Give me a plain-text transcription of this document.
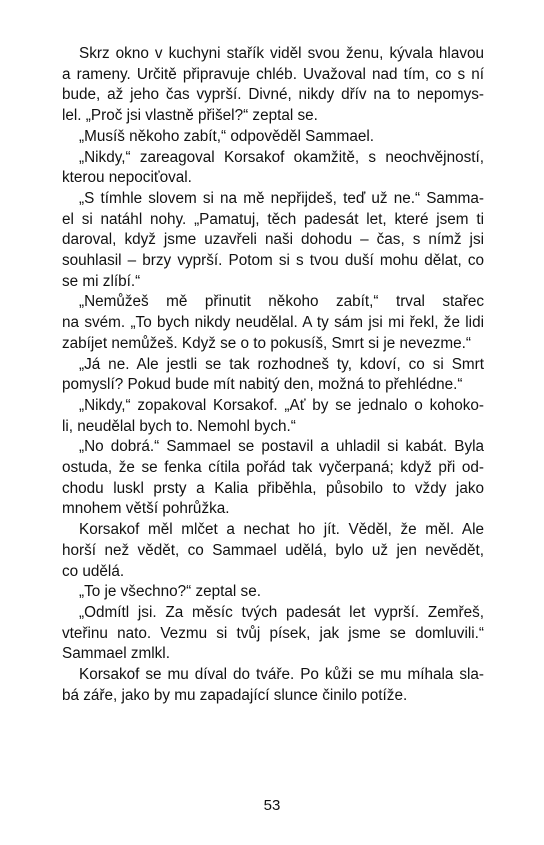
Skrz okno v kuchyni stařík viděl svou ženu, kývala hlavou
a rameny. Určitě připravuje chléb. Uvažoval nad tím, co s ní
bude, až jeho čas vyprší. Divné, nikdy dřív na to nepomys-
lel. „Proč jsi vlastně přišel?“ zeptal se.

„Musíš někoho zabít,“ odpověděl Sammael.

„Nikdy,“ zareagoval Korsakof okamžitě, s neochvějností,
kterou nepociťoval.

„S tímhle slovem si na mě nepřijdeš, teď už ne.“ Samma-
el si natáhl nohy. „Pamatuj, těch padesát let, které jsem ti
daroval, když jsme uzavřeli naši dohodu – čas, s nímž jsi
souhlasil – brzy vyprší. Potom si s tvou duší mohu dělat, co
se mi zlíbí.“

„Nemůžeš mě přinutit někoho zabít,“ trval stařec
na svém. „To bych nikdy neudělal. A ty sám jsi mi řekl, že lidi
zabíjet nemůžeš. Když se o to pokusíš, Smrt si je nevezme.“

„Já ne. Ale jestli se tak rozhodneš ty, kdoví, co si Smrt
pomyslí? Pokud bude mít nabitý den, možná to přehlédne.“

„Nikdy,“ zopakoval Korsakof. „Ať by se jednalo o kohoko-
li, neudělal bych to. Nemohl bych.“

„No dobrá.“ Sammael se postavil a uhladil si kabát. Byla
ostuda, že se fenka cítila pořád tak vyčerpaná; když při od-
chodu luskl prsty a Kalia přiběhla, působilo to vždy jako
mnohem větší pohrůžka.

Korsakof měl mlčet a nechat ho jít. Věděl, že měl. Ale
horší než vědět, co Sammael udělá, bylo už jen nevědět,
co udělá.

„To je všechno?“ zeptal se.

„Odmítl jsi. Za měsíc tvých padesát let vyprší. Zemřeš,
vteřinu nato. Vezmu si tvůj písek, jak jsme se domluvili.“
Sammael zmlkl.

Korsakof se mu díval do tváře. Po kůži se mu míhala sla-
bá záře, jako by mu zapadající slunce činilo potíže.

53
